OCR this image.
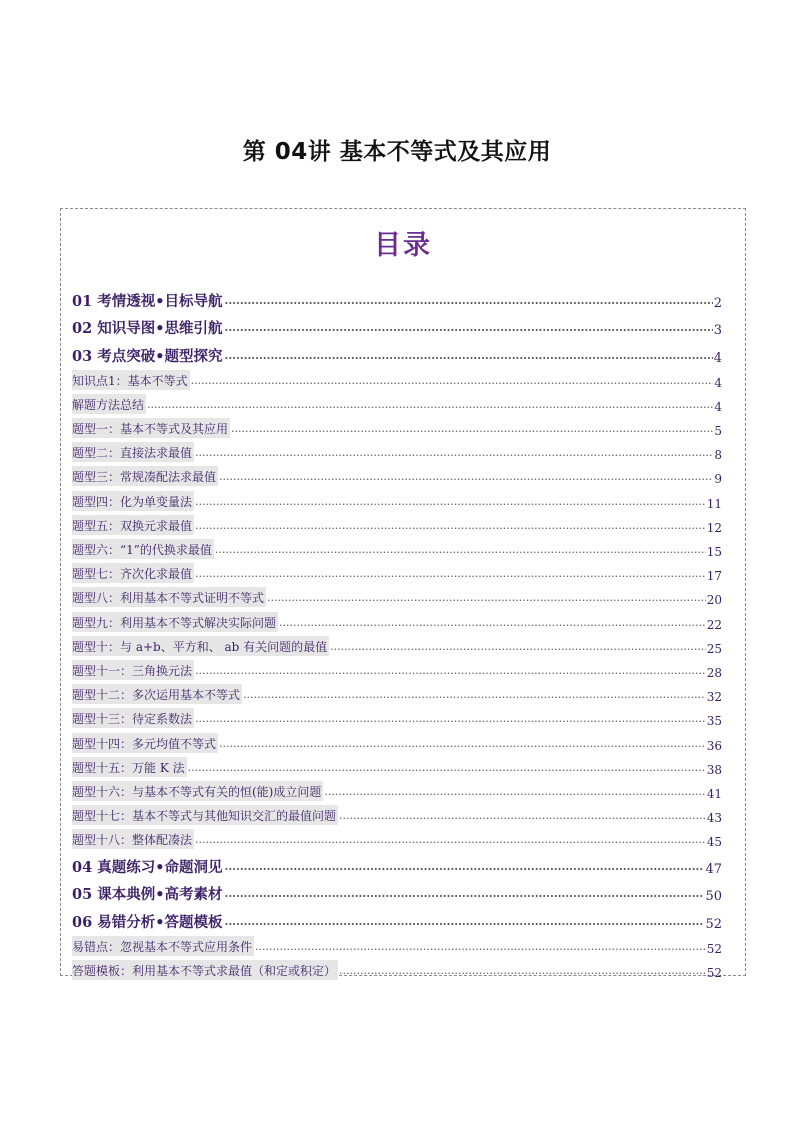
第 04讲 基本不等式及其应用
目录
01 考情透视•目标导航 .....	2
02 知识导图•思维引航 .....	3
03 考点突破•题型探究 .....	4
知识点1：基本不等式 .....	4
解题方法总结 .....	4
题型一：基本不等式及其应用 .....	5
题型二：直接法求最值 .....	8
题型三：常规凑配法求最值 .....	9
题型四：化为单变量法 .....	11
题型五：双换元求最值 .....	12
题型六：“1”的代换求最值 .....	15
题型七：齐次化求最值 .....	17
题型八：利用基本不等式证明不等式 .....	20
题型九：利用基本不等式解决实际问题 .....	22
题型十：与 a+b、平方和、 ab 有关问题的最值 .....	25
题型十一：三角换元法 .....	28
题型十二：多次运用基本不等式 .....	32
题型十三：待定系数法 .....	35
题型十四：多元均值不等式 .....	36
题型十五：万能 K 法 .....	38
题型十六：与基本不等式有关的恒(能)成立问题 .....	41
题型十七：基本不等式与其他知识交汇的最值问题 .....	43
题型十八：整体配凑法 .....	45
04 真题练习•命题洞见 .....	47
05 课本典例•高考素材 .....	50
06 易错分析•答题模板 .....	52
易错点：忽视基本不等式应用条件 .....	52
答题模板：利用基本不等式求最值（和定或积定） .....	52
